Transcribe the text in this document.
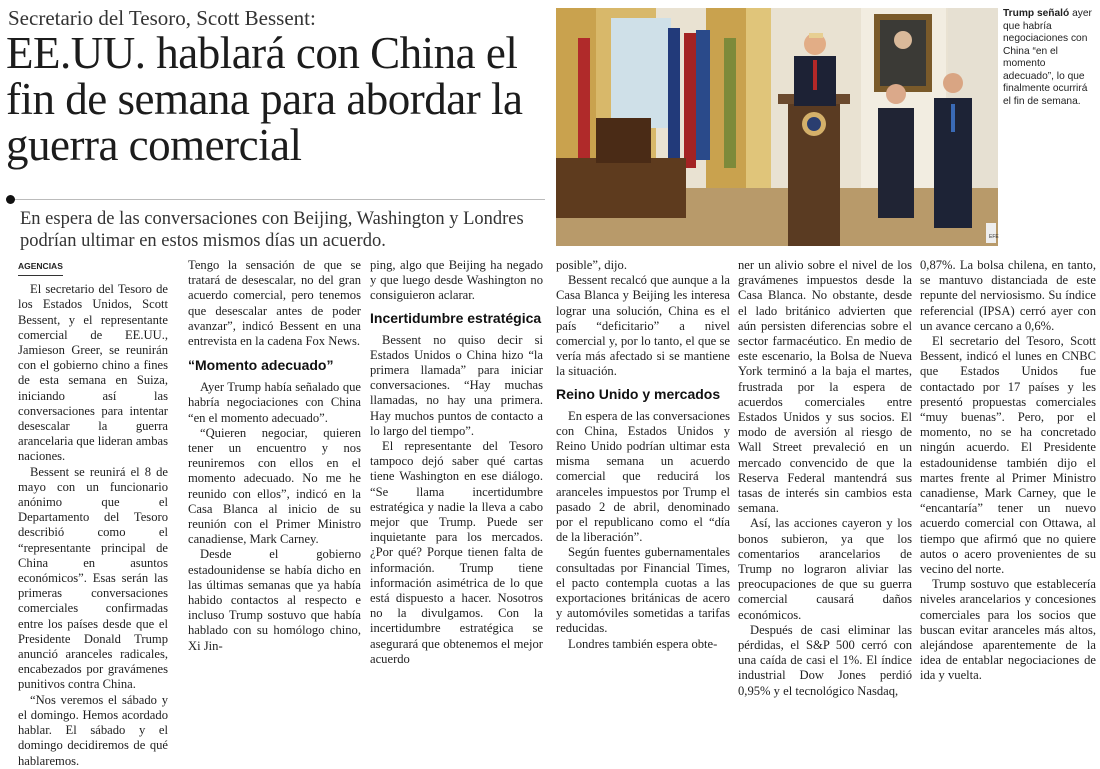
Secretario del Tesoro, Scott Bessent:
EE.UU. hablará con China el fin de semana para abordar la guerra comercial
En espera de las conversaciones con Beijing, Washington y Londres podrían ultimar en estos mismos días un acuerdo.	EFE
Trump señaló ayer que habría negociaciones con China “en el momento adecuado”, lo que finalmente ocurrirá el fin de semana.
AGENCIAS

El secretario del Tesoro de los Estados Unidos, Scott Bessent, y el representante comercial de EE.UU., Jamieson Greer, se reunirán con el gobierno chino a fines de esta semana en Suiza, iniciando así las conversaciones para intentar desescalar la guerra arancelaria que lideran ambas naciones.

Bessent se reunirá el 8 de mayo con un funcionario anónimo que el Departamento del Tesoro describió como el “representante principal de China en asuntos económicos”. Esas serán las primeras conversaciones comerciales confirmadas entre los países desde que el Presidente Donald Trump anunció aranceles radicales, encabezados por gravámenes punitivos contra China.

“Nos veremos el sábado y el domingo. Hemos acordado hablar. El sábado y el domingo decidiremos de qué hablaremos.

Tengo la sensación de que se tratará de desescalar, no del gran acuerdo comercial, pero tenemos que desescalar antes de poder avanzar”, indicó Bessent en una entrevista en la cadena Fox News.

“Momento adecuado”

Ayer Trump había señalado que habría negociaciones con China “en el momento adecuado”.

“Quieren negociar, quieren tener un encuentro y nos reuniremos con ellos en el momento adecuado. No me he reunido con ellos”, indicó en la Casa Blanca al inicio de su reunión con el Primer Ministro canadiense, Mark Carney.

Desde el gobierno estadounidense se había dicho en las últimas semanas que ya había habido contactos al respecto e incluso Trump sostuvo que había hablado con su homólogo chino, Xi Jin-

ping, algo que Beijing ha negado y que luego desde Washington no consiguieron aclarar.

Incertidumbre estratégica

Bessent no quiso decir si Estados Unidos o China hizo “la primera llamada” para iniciar conversaciones. “Hay muchas llamadas, no hay una primera. Hay muchos puntos de contacto a lo largo del tiempo”.

El representante del Tesoro tampoco dejó saber qué cartas tiene Washington en ese diálogo. “Se llama incertidumbre estratégica y nadie la lleva a cabo mejor que Trump. Puede ser inquietante para los mercados. ¿Por qué? Porque tienen falta de información. Trump tiene información asimétrica de lo que está dispuesto a hacer. Nosotros no la divulgamos. Con la incertidumbre estratégica se asegurará que obtenemos el mejor acuerdo

posible”, dijo.

Bessent recalcó que aunque a la Casa Blanca y Beijing les interesa lograr una solución, China es el país “deficitario” a nivel comercial y, por lo tanto, el que se vería más afectado si se mantiene la situación.

Reino Unido y mercados

En espera de las conversaciones con China, Estados Unidos y Reino Unido podrían ultimar esta misma semana un acuerdo comercial que reducirá los aranceles impuestos por Trump el pasado 2 de abril, denominado por el republicano como el “día de la liberación”.

Según fuentes gubernamentales consultadas por Financial Times, el pacto contempla cuotas a las exportaciones británicas de acero y automóviles sometidas a tarifas reducidas.

Londres también espera obte-

ner un alivio sobre el nivel de los gravámenes impuestos desde la Casa Blanca. No obstante, desde el lado británico advierten que aún persisten diferencias sobre el sector farmacéutico. En medio de este escenario, la Bolsa de Nueva York terminó a la baja el martes, frustrada por la espera de acuerdos comerciales entre Estados Unidos y sus socios. El modo de aversión al riesgo de Wall Street prevaleció en un mercado convencido de que la Reserva Federal mantendrá sus tasas de interés sin cambios esta semana.

Así, las acciones cayeron y los bonos subieron, ya que los comentarios arancelarios de Trump no lograron aliviar las preocupaciones de que su guerra comercial causará daños económicos.

Después de casi eliminar las pérdidas, el S&P 500 cerró con una caída de casi el 1%. El índice industrial Dow Jones perdió 0,95% y el tecnológico Nasdaq,

0,87%. La bolsa chilena, en tanto, se mantuvo distanciada de este repunte del nerviosismo. Su índice referencial (IPSA) cerró ayer con un avance cercano a 0,6%.

El secretario del Tesoro, Scott Bessent, indicó el lunes en CNBC que Estados Unidos fue contactado por 17 países y les presentó propuestas comerciales “muy buenas”. Pero, por el momento, no se ha concretado ningún acuerdo. El Presidente estadounidense también dijo el martes frente al Primer Ministro canadiense, Mark Carney, que le “encantaría” tener un nuevo acuerdo comercial con Ottawa, al tiempo que afirmó que no quiere autos o acero provenientes de su vecino del norte.

Trump sostuvo que establecería niveles arancelarios y concesiones comerciales para los socios que buscan evitar aranceles más altos, alejándose aparentemente de la idea de entablar negociaciones de ida y vuelta.
